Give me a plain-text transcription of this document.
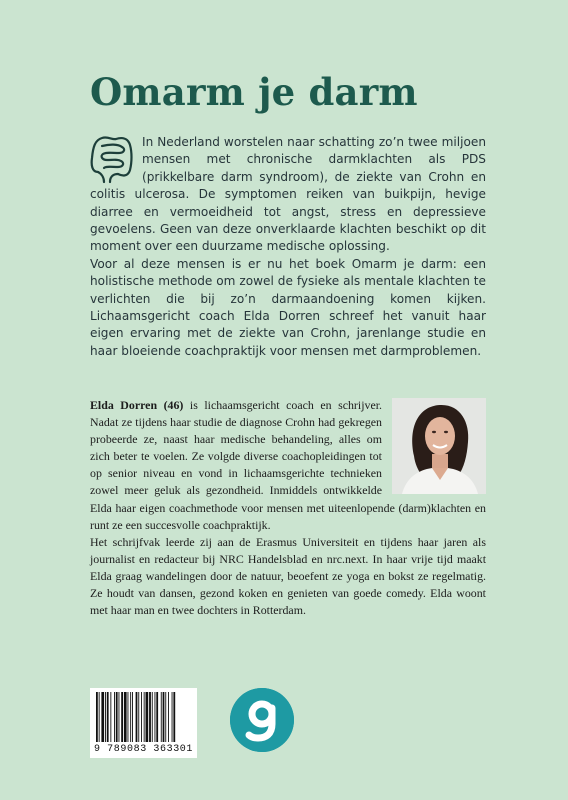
Omarm je darm

In Nederland worstelen naar schatting zo’n twee miljoen mensen met chronische darmklachten als PDS (prikkelbare darm syndroom), de ziekte van Crohn en colitis ulcerosa. De symptomen reiken van buikpijn, hevige diarree en vermoeidheid tot angst, stress en depressieve gevoelens. Geen van deze onverklaarde klachten beschikt op dit moment over een duurzame medische oplossing.

Voor al deze mensen is er nu het boek Omarm je darm: een holistische methode om zowel de fysieke als mentale klachten te verlichten die bij zo’n darmaandoening komen kijken. Lichaamsgericht coach Elda Dorren schreef het vanuit haar eigen ervaring met de ziekte van Crohn, jarenlange studie en haar bloeiende coachpraktijk voor mensen met darmproblemen.

Elda Dorren (46) is lichaamsgericht coach en schrijver. Nadat ze tijdens haar studie de diagnose Crohn had gekregen probeerde ze, naast haar medische behandeling, alles om zich beter te voelen. Ze volgde diverse coachopleidingen tot op senior niveau en vond in lichaamsgerichte technieken zowel meer geluk als gezondheid. Inmiddels ontwikkelde Elda haar eigen coachmethode voor mensen met uiteenlopende (darm)klachten en runt ze een succesvolle coachpraktijk.

Het schrijfvak leerde zij aan de Erasmus Universiteit en tijdens haar jaren als journalist en redacteur bij NRC Handelsblad en nrc.next. In haar vrije tijd maakt Elda graag wandelingen door de natuur, beoefent ze yoga en bokst ze regelmatig. Ze houdt van dansen, gezond koken en genieten van goede comedy. Elda woont met haar man en twee dochters in Rotterdam.

9 789083 363301
